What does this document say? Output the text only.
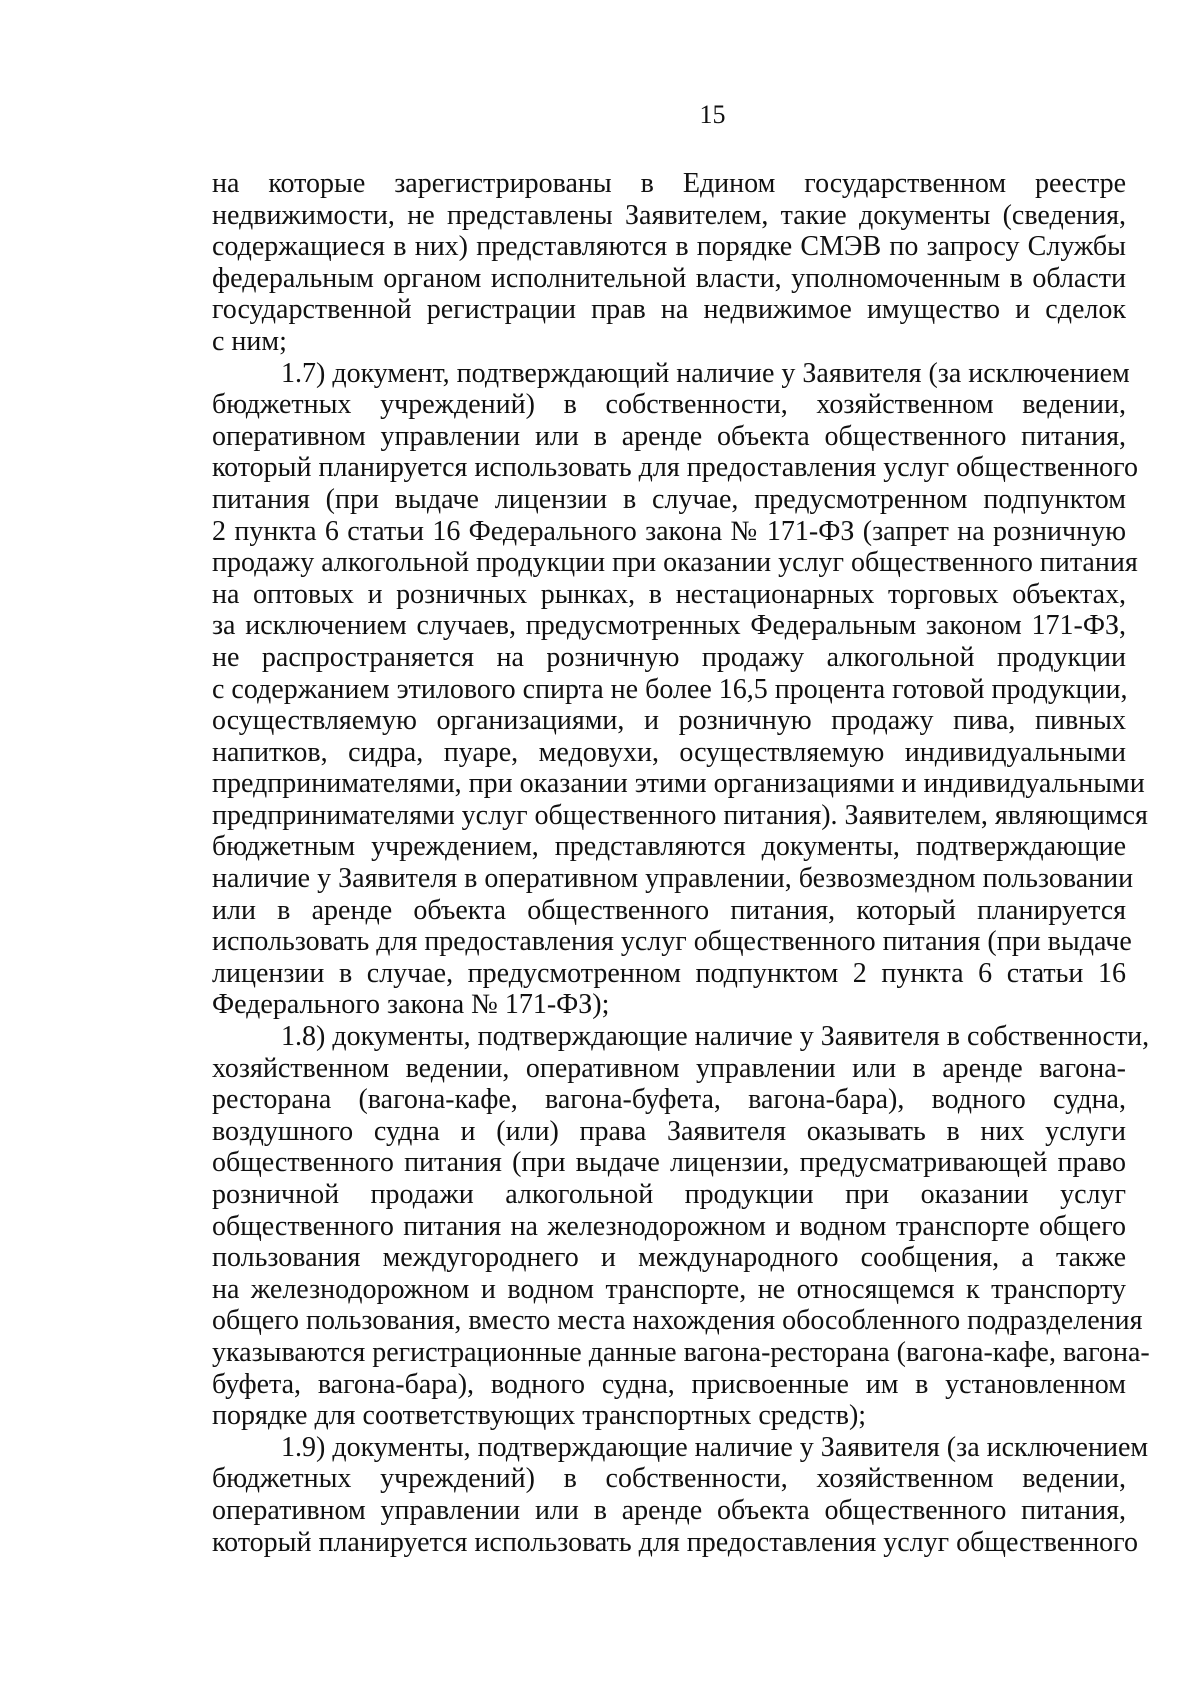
15
на которые зарегистрированы в Едином государственном реестре
недвижимости, не представлены Заявителем, такие документы (сведения,
содержащиеся в них) представляются в порядке СМЭВ по запросу Службы
федеральным органом исполнительной власти, уполномоченным в области
государственной регистрации прав на недвижимое имущество и сделок
с ним;
1.7) документ, подтверждающий наличие у Заявителя (за исключением
бюджетных учреждений) в собственности, хозяйственном ведении,
оперативном управлении или в аренде объекта общественного питания,
который планируется использовать для предоставления услуг общественного
питания (при выдаче лицензии в случае, предусмотренном подпунктом
2 пункта 6 статьи 16 Федерального закона № 171-ФЗ (запрет на розничную
продажу алкогольной продукции при оказании услуг общественного питания
на оптовых и розничных рынках, в нестационарных торговых объектах,
за исключением случаев, предусмотренных Федеральным законом 171-ФЗ,
не распространяется на розничную продажу алкогольной продукции
с содержанием этилового спирта не более 16,5 процента готовой продукции,
осуществляемую организациями, и розничную продажу пива, пивных
напитков, сидра, пуаре, медовухи, осуществляемую индивидуальными
предпринимателями, при оказании этими организациями и индивидуальными
предпринимателями услуг общественного питания). Заявителем, являющимся
бюджетным учреждением, представляются документы, подтверждающие
наличие у Заявителя в оперативном управлении, безвозмездном пользовании
или в аренде объекта общественного питания, который планируется
использовать для предоставления услуг общественного питания (при выдаче
лицензии в случае, предусмотренном подпунктом 2 пункта 6 статьи 16
Федерального закона № 171-ФЗ);
1.8) документы, подтверждающие наличие у Заявителя в собственности,
хозяйственном ведении, оперативном управлении или в аренде вагона-
ресторана (вагона-кафе, вагона-буфета, вагона-бара), водного судна,
воздушного судна и (или) права Заявителя оказывать в них услуги
общественного питания (при выдаче лицензии, предусматривающей право
розничной продажи алкогольной продукции при оказании услуг
общественного питания на железнодорожном и водном транспорте общего
пользования междугороднего и международного сообщения, а также
на железнодорожном и водном транспорте, не относящемся к транспорту
общего пользования, вместо места нахождения обособленного подразделения
указываются регистрационные данные вагона-ресторана (вагона-кафе, вагона-
буфета, вагона-бара), водного судна, присвоенные им в установленном
порядке для соответствующих транспортных средств);
1.9) документы, подтверждающие наличие у Заявителя (за исключением
бюджетных учреждений) в собственности, хозяйственном ведении,
оперативном управлении или в аренде объекта общественного питания,
который планируется использовать для предоставления услуг общественного
